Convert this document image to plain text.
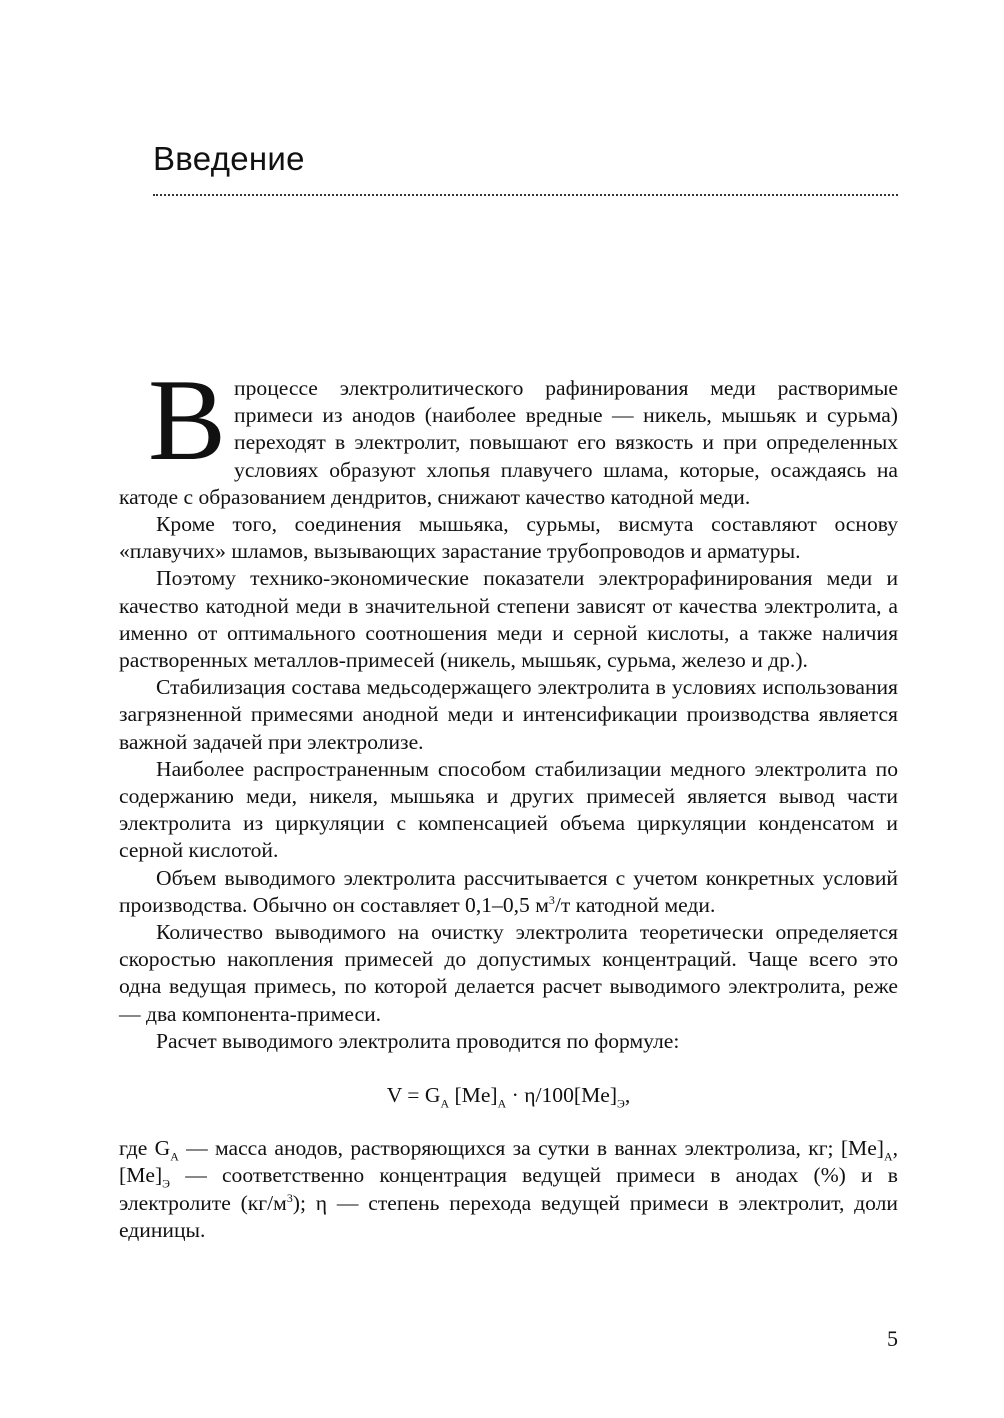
Введение

Впроцессе электролитического рафинирования меди растворимые примеси из анодов (наиболее вредные — никель, мышьяк и сурьма) переходят в электролит, повышают его вязкость и при определенных условиях образуют хлопья плавучего шлама, которые, осаждаясь на катоде с образованием дендритов, снижают качество катодной меди.

Кроме того, соединения мышьяка, сурьмы, висмута составляют основу «плавучих» шламов, вызывающих зарастание трубопроводов и арматуры.

Поэтому технико-экономические показатели электрорафинирования меди и качество катодной меди в значительной степени зависят от качества электролита, а именно от оптимального соотношения меди и серной кислоты, а также наличия растворенных металлов-примесей (никель, мышьяк, сурьма, железо и др.).

Стабилизация состава медьсодержащего электролита в условиях использования загрязненной примесями анодной меди и интенсификации производства является важной задачей при электролизе.

Наиболее распространенным способом стабилизации медного электролита по содержанию меди, никеля, мышьяка и других примесей является вывод части электролита из циркуляции с компенсацией объема циркуляции конденсатом и серной кислотой.

Объем выводимого электролита рассчитывается с учетом конкретных условий производства. Обычно он составляет 0,1–0,5 $м^3/т$ катодной меди.

Количество выводимого на очистку электролита теоретически определяется скоростью накопления примесей до допустимых концентраций. Чаще всего это одна ведущая примесь, по которой делается расчет выводимого электролита, реже — два компонента-примеси.

Расчет выводимого электролита проводится по формуле:

$V = G_A$ $[Me]_A \cdot \eta/100[Me]_Э$,

где $G_A$ — масса анодов, растворяющихся за сутки в ваннах электролиза, кг; $[Me]_A$, $[Me]_Э$ — соответственно концентрация ведущей примеси в анодах (%) и в электролите $(кг/м^3)$; η — степень перехода ведущей примеси в электролит, доли единицы.

5
